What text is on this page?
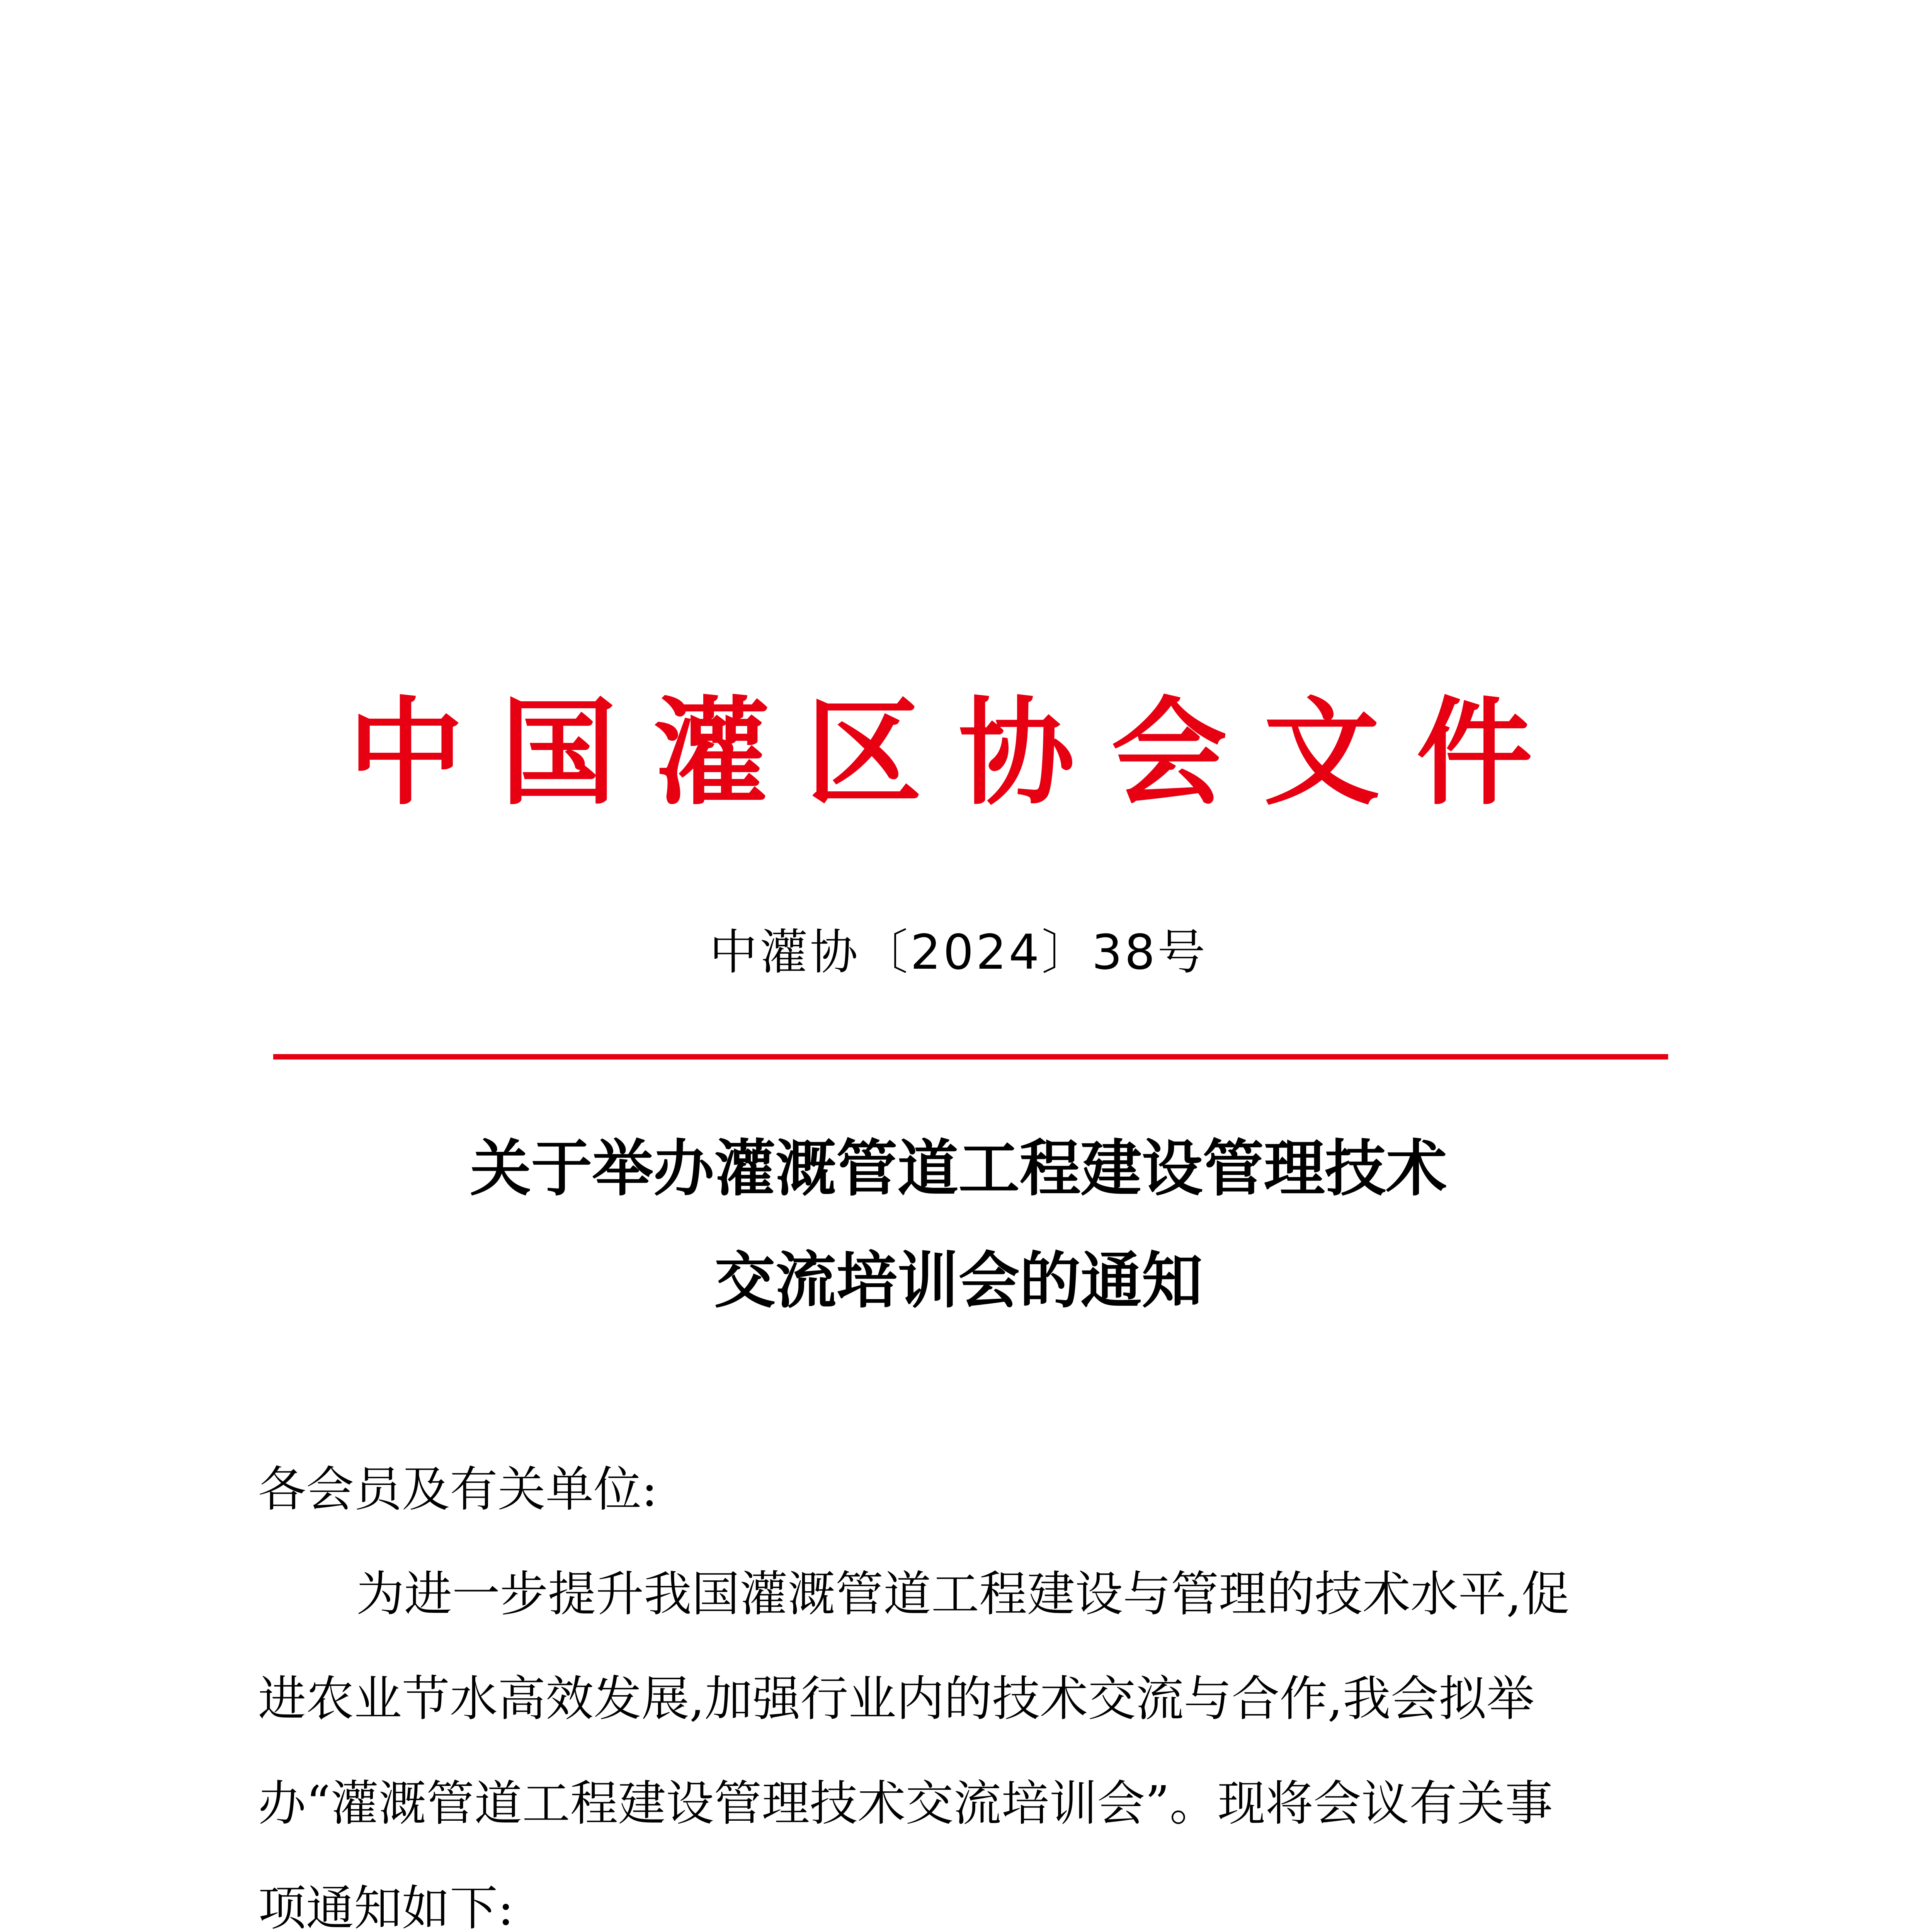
中国灌区协会文件
中灌协〔2024〕38号
关于举办灌溉管道工程建设管理技术
交流培训会的通知
各会员及有关单位:
为进一步提升我国灌溉管道工程建设与管理的技术水平,促
进农业节水高效发展,加强行业内的技术交流与合作,我会拟举
办“灌溉管道工程建设管理技术交流培训会”。现将会议有关事
项通知如下:
